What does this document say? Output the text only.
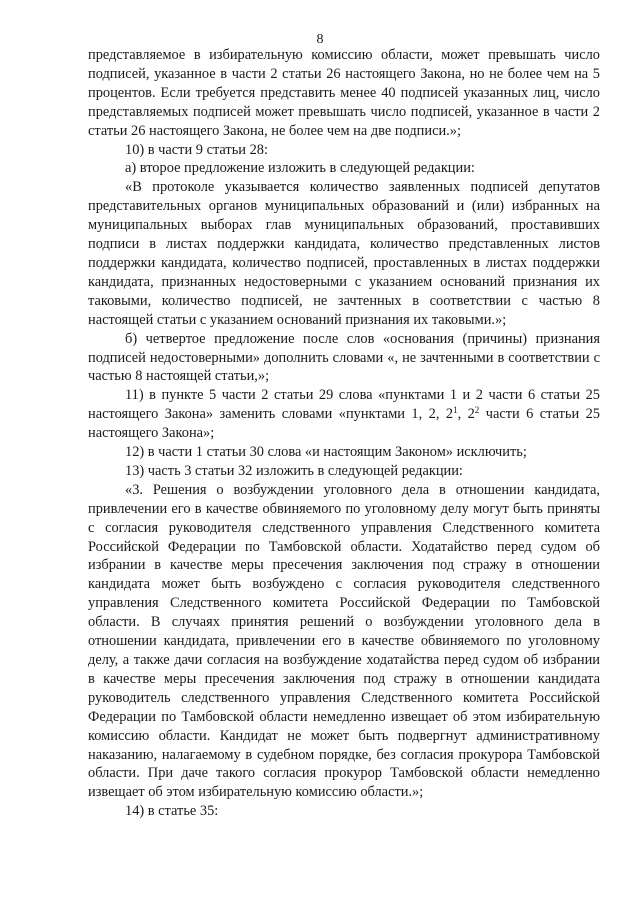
8

представляемое в избирательную комиссию области, может превышать число подписей, указанное в части 2 статьи 26 настоящего Закона, но не более чем на 5 процентов. Если требуется представить менее 40 подписей указанных лиц, число представляемых подписей может превышать число подписей, указанное в части 2 статьи 26 настоящего Закона, не более чем на две подписи.»;

10) в части 9 статьи 28:

а) второе предложение изложить в следующей редакции:

«В протоколе указывается количество заявленных подписей депутатов представительных органов муниципальных образований и (или) избранных на муниципальных выборах глав муниципальных образований, проставивших подписи в листах поддержки кандидата, количество представленных листов поддержки кандидата, количество подписей, проставленных в листах поддержки кандидата, признанных недостоверными с указанием оснований признания их таковыми, количество подписей, не зачтенных в соответствии с частью 8 настоящей статьи с указанием оснований признания их таковыми.»;

б) четвертое предложение после слов «основания (причины) признания подписей недостоверными» дополнить словами «, не зачтенными в соответствии с частью 8 настоящей статьи,»;

11) в пункте 5 части 2 статьи 29 слова «пунктами 1 и 2 части 6 статьи 25 настоящего Закона» заменить словами «пунктами 1, 2, $2^1$, $2^2$ части 6 статьи 25 настоящего Закона»;

12) в части 1 статьи 30 слова «и настоящим Законом» исключить;

13) часть 3 статьи 32 изложить в следующей редакции:

«3. Решения о возбуждении уголовного дела в отношении кандидата, привлечении его в качестве обвиняемого по уголовному делу могут быть приняты с согласия руководителя следственного управления Следственного комитета Российской Федерации по Тамбовской области. Ходатайство перед судом об избрании в качестве меры пресечения заключения под стражу в отношении кандидата может быть возбуждено с согласия руководителя следственного управления Следственного комитета Российской Федерации по Тамбовской области. В случаях принятия решений о возбуждении уголовного дела в отношении кандидата, привлечении его в качестве обвиняемого по уголовному делу, а также дачи согласия на возбуждение ходатайства перед судом об избрании в качестве меры пресечения заключения под стражу в отношении кандидата руководитель следственного управления Следственного комитета Российской Федерации по Тамбовской области немедленно извещает об этом избирательную комиссию области. Кандидат не может быть подвергнут административному наказанию, налагаемому в судебном порядке, без согласия прокурора Тамбовской области. При даче такого согласия прокурор Тамбовской области немедленно извещает об этом избирательную комиссию области.»;

14) в статье 35:
